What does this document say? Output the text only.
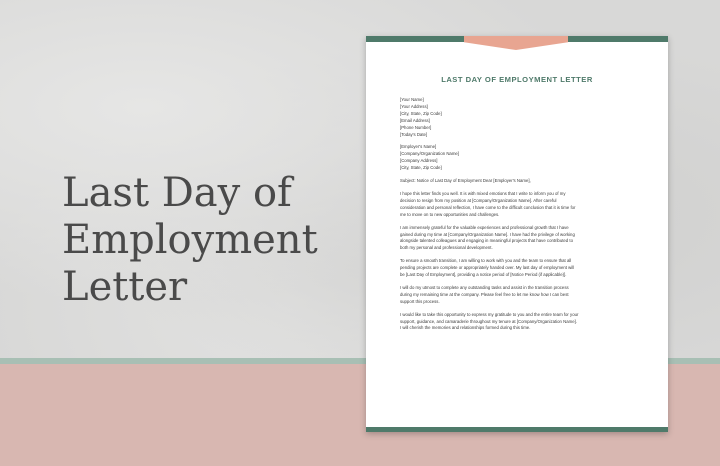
Last Day of
Employment
Letter
LAST DAY OF EMPLOYMENT LETTER
[Your Name]
[Your Address]
[City, State, Zip Code]
[Email Address]
[Phone Number]
[Today's Date]
[Employer's Name]
[Company/Organization Name]
[Company Address]
[City, State, Zip Code]
Subject: Notice of Last Day of Employment Dear [Employer's Name],
I hope this letter finds you well. It is with mixed emotions that I write to inform you of my
decision to resign from my position at [Company/Organization Name]. After careful
consideration and personal reflection, I have come to the difficult conclusion that it is time for
me to move on to new opportunities and challenges.
I am immensely grateful for the valuable experiences and professional growth that I have
gained during my time at [Company/Organization Name]. I have had the privilege of working
alongside talented colleagues and engaging in meaningful projects that have contributed to
both my personal and professional development.
To ensure a smooth transition, I am willing to work with you and the team to ensure that all
pending projects are complete or appropriately handed over. My last day of employment will
be [Last Day of Employment], providing a notice period of [Notice Period (if applicable)].
I will do my utmost to complete any outstanding tasks and assist in the transition process
during my remaining time at the company. Please feel free to let me know how I can best
support this process.
I would like to take this opportunity to express my gratitude to you and the entire team for your
support, guidance, and camaraderie throughout my tenure at [Company/Organization Name].
I will cherish the memories and relationships formed during this time.
